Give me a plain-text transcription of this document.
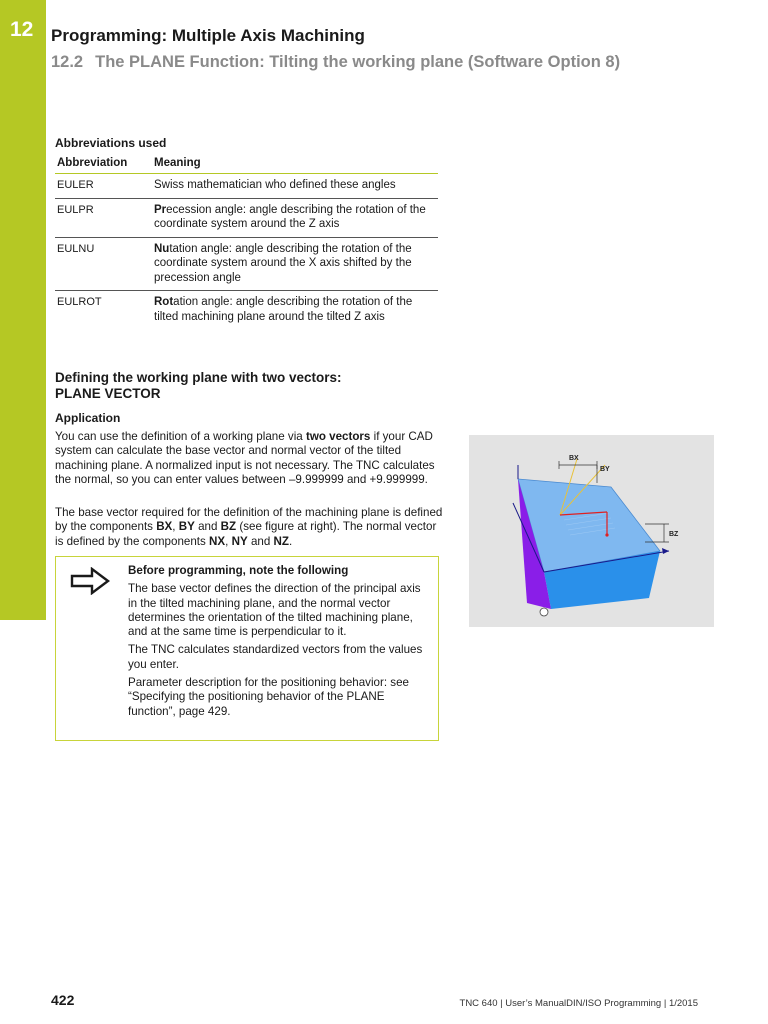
12 Programming: Multiple Axis Machining
12.2 The PLANE Function: Tilting the working plane (Software Option 8)
Abbreviations used
Abbreviation	Meaning
EULER	Swiss mathematician who defined these angles
EULPR	Precession angle: angle describing the rotation of the coordinate system around the Z axis
EULNU	Nutation angle: angle describing the rotation of the coordinate system around the X axis shifted by the precession angle
EULROT	Rotation angle: angle describing the rotation of the tilted machining plane around the tilted Z axis
Defining the working plane with two vectors:
PLANE VECTOR
Application

You can use the definition of a working plane via two vectors if your CAD system can calculate the base vector and normal vector of the tilted machining plane. A normalized input is not necessary. The TNC calculates the normal, so you can enter values between –9.999999 and +9.999999.

The base vector required for the definition of the machining plane is defined by the components BX, BY and BZ (see figure at right). The normal vector is defined by the components NX, NY and NZ.

Before programming, note the following

The base vector defines the direction of the principal axis in the tilted machining plane, and the normal vector determines the orientation of the tilted machining plane, and at the same time is perpendicular to it.

The TNC calculates standardized vectors from the values you enter.

Parameter description for the positioning behavior: see “Specifying the positioning behavior of the PLANE function”, page 429.

BX
BY
BZ
422	TNC 640 | User’s ManualDIN/ISO Programming | 1/2015
